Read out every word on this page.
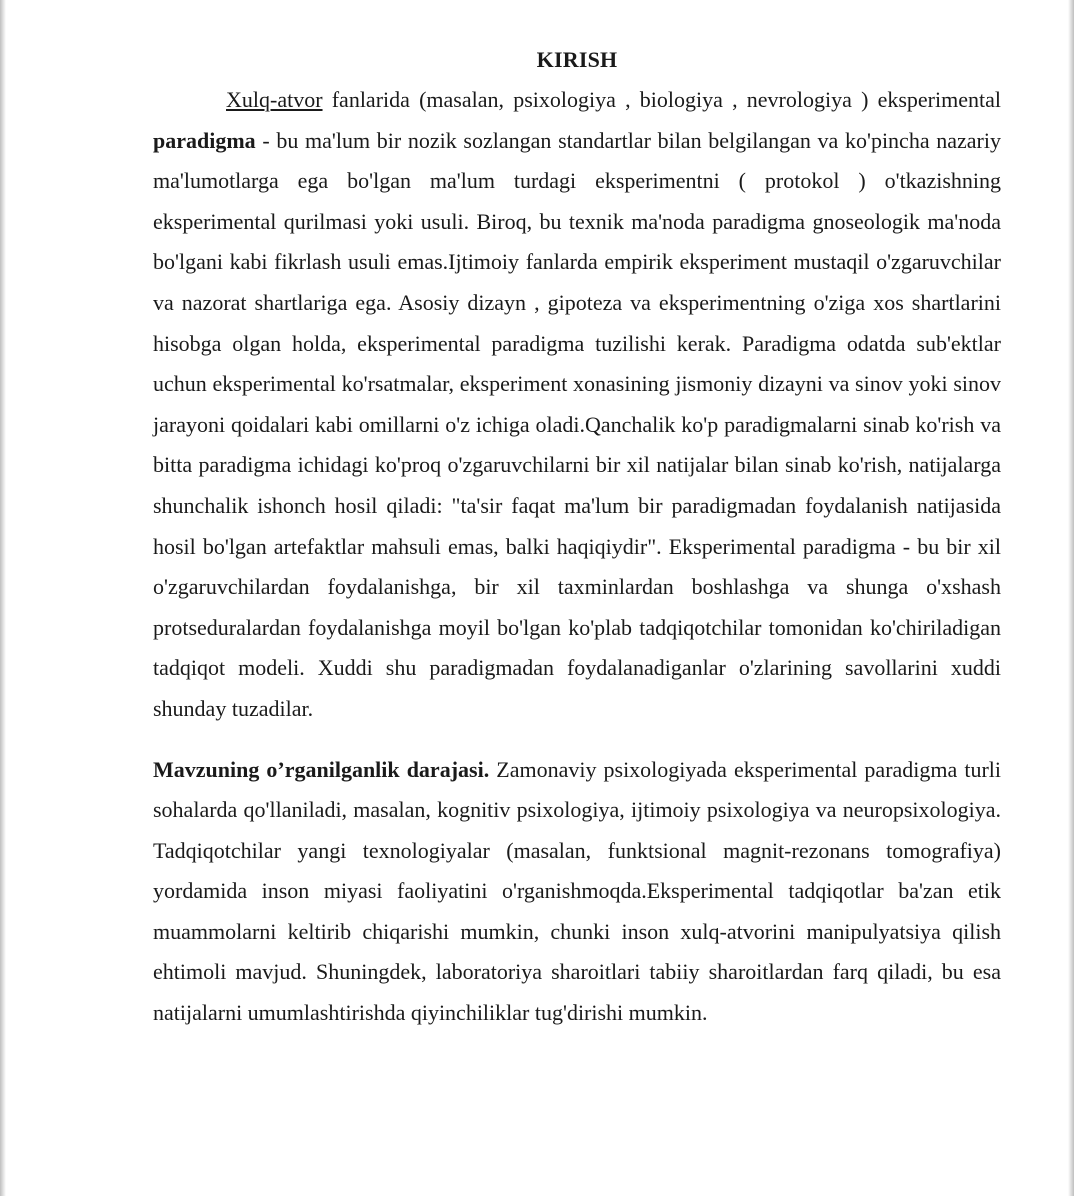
KIRISH

Xulq-atvor fanlarida (masalan, psixologiya , biologiya , nevrologiya ) eksperimental paradigma - bu ma'lum bir nozik sozlangan standartlar bilan belgilangan va ko'pincha nazariy ma'lumotlarga ega bo'lgan ma'lum turdagi eksperimentni ( protokol ) o'tkazishning eksperimental qurilmasi yoki usuli. Biroq, bu texnik ma'noda paradigma gnoseologik ma'noda bo'lgani kabi fikrlash usuli emas.Ijtimoiy fanlarda empirik eksperiment mustaqil o'zgaruvchilar va nazorat shartlariga ega. Asosiy dizayn , gipoteza va eksperimentning o'ziga xos shartlarini hisobga olgan holda, eksperimental paradigma tuzilishi kerak. Paradigma odatda sub'ektlar uchun eksperimental ko'rsatmalar, eksperiment xonasining jismoniy dizayni va sinov yoki sinov jarayoni qoidalari kabi omillarni o'z ichiga oladi.Qanchalik ko'p paradigmalarni sinab ko'rish va bitta paradigma ichidagi ko'proq o'zgaruvchilarni bir xil natijalar bilan sinab ko'rish, natijalarga shunchalik ishonch hosil qiladi: "ta'sir faqat ma'lum bir paradigmadan foydalanish natijasida hosil bo'lgan artefaktlar mahsuli emas, balki haqiqiydir". Eksperimental paradigma - bu bir xil o'zgaruvchilardan foydalanishga, bir xil taxminlardan boshlashga va shunga o'xshash protseduralardan foydalanishga moyil bo'lgan ko'plab tadqiqotchilar tomonidan ko'chiriladigan tadqiqot modeli. Xuddi shu paradigmadan foydalanadiganlar o'zlarining savollarini xuddi shunday tuzadilar.

Mavzuning o’rganilganlik darajasi. Zamonaviy psixologiyada eksperimental paradigma turli sohalarda qo'llaniladi, masalan, kognitiv psixologiya, ijtimoiy psixologiya va neuropsixologiya. Tadqiqotchilar yangi texnologiyalar (masalan, funktsional magnit-rezonans tomografiya) yordamida inson miyasi faoliyatini o'rganishmoqda.Eksperimental tadqiqotlar ba'zan etik muammolarni keltirib chiqarishi mumkin, chunki inson xulq-atvorini manipulyatsiya qilish ehtimoli mavjud. Shuningdek, laboratoriya sharoitlari tabiiy sharoitlardan farq qiladi, bu esa natijalarni umumlashtirishda qiyinchiliklar tug'dirishi mumkin.
